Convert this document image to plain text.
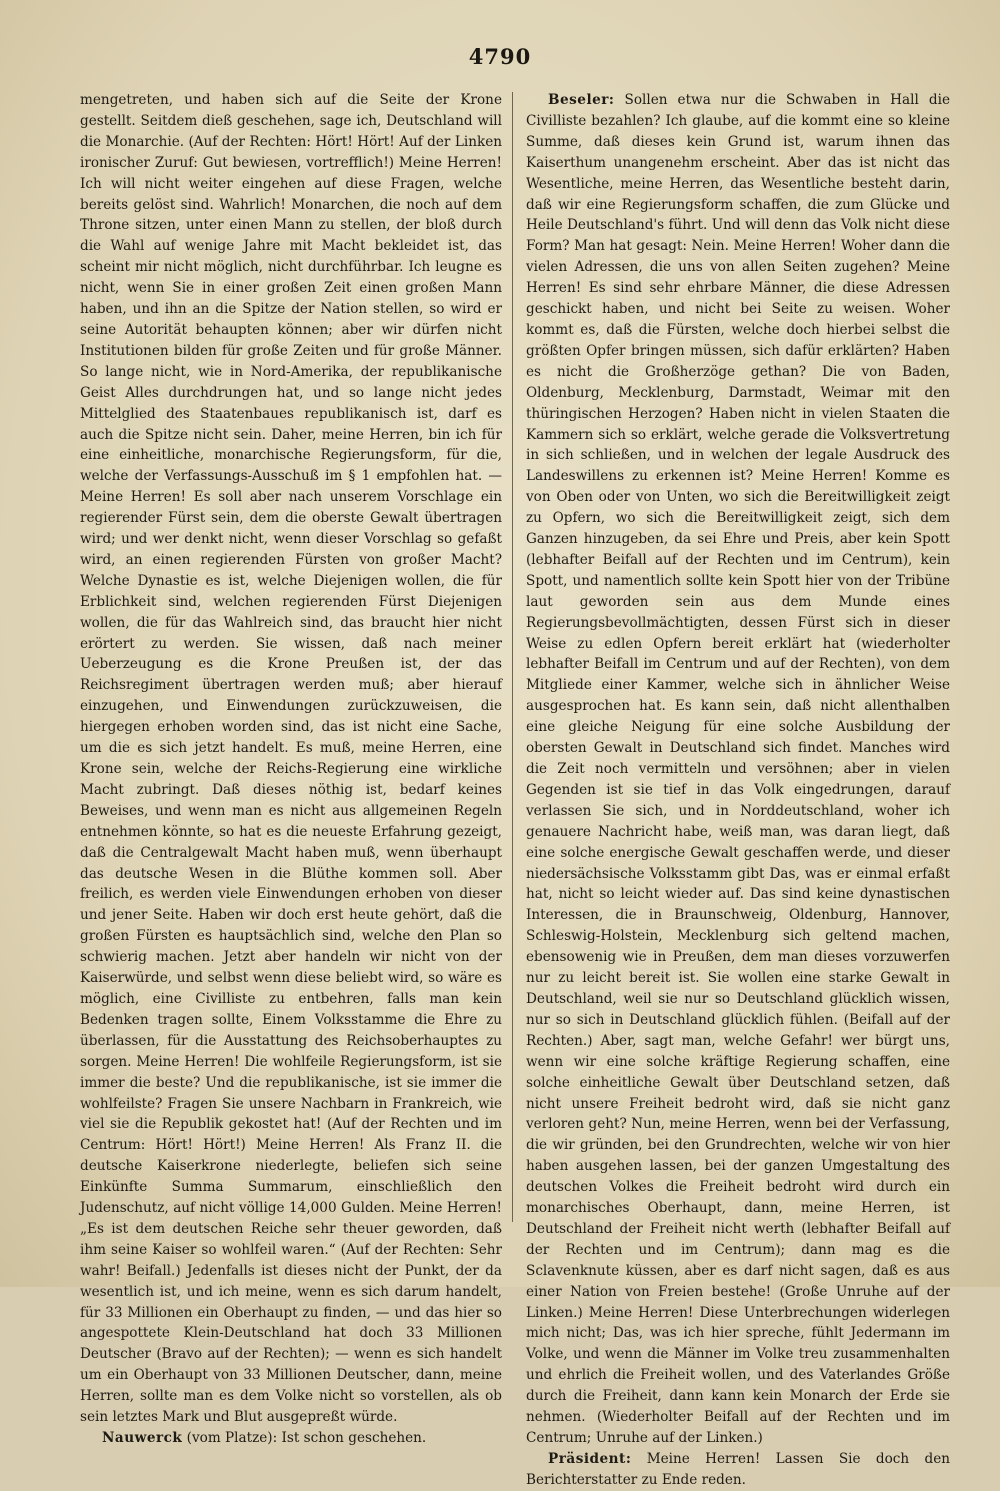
4790

mengetreten, und haben sich auf die Seite der Krone gestellt. Seitdem dieß geschehen, sage ich, Deutschland will die Monarchie. (Auf der Rechten: Hört! Hört! Auf der Linken ironischer Zuruf: Gut bewiesen, vortrefflich!) Meine Herren! Ich will nicht weiter eingehen auf diese Fragen, welche bereits gelöst sind. Wahrlich! Monarchen, die noch auf dem Throne sitzen, unter einen Mann zu stellen, der bloß durch die Wahl auf wenige Jahre mit Macht bekleidet ist, das scheint mir nicht möglich, nicht durchführbar. Ich leugne es nicht, wenn Sie in einer großen Zeit einen großen Mann haben, und ihn an die Spitze der Nation stellen, so wird er seine Autorität behaupten können; aber wir dürfen nicht Institutionen bilden für große Zeiten und für große Männer. So lange nicht, wie in Nord-Amerika, der republikanische Geist Alles durchdrungen hat, und so lange nicht jedes Mittelglied des Staatenbaues republikanisch ist, darf es auch die Spitze nicht sein. Daher, meine Herren, bin ich für eine einheitliche, monarchische Regierungsform, für die, welche der Verfassungs-Ausschuß im § 1 empfohlen hat. — Meine Herren! Es soll aber nach unserem Vorschlage ein regierender Fürst sein, dem die oberste Gewalt übertragen wird; und wer denkt nicht, wenn dieser Vorschlag so gefaßt wird, an einen regierenden Fürsten von großer Macht? Welche Dynastie es ist, welche Diejenigen wollen, die für Erblichkeit sind, welchen regierenden Fürst Diejenigen wollen, die für das Wahlreich sind, das braucht hier nicht erörtert zu werden. Sie wissen, daß nach meiner Ueberzeugung es die Krone Preußen ist, der das Reichsregiment übertragen werden muß; aber hierauf einzugehen, und Einwendungen zurückzuweisen, die hiergegen erhoben worden sind, das ist nicht eine Sache, um die es sich jetzt handelt. Es muß, meine Herren, eine Krone sein, welche der Reichs-Regierung eine wirkliche Macht zubringt. Daß dieses nöthig ist, bedarf keines Beweises, und wenn man es nicht aus allgemeinen Regeln entnehmen könnte, so hat es die neueste Erfahrung gezeigt, daß die Centralgewalt Macht haben muß, wenn überhaupt das deutsche Wesen in die Blüthe kommen soll. Aber freilich, es werden viele Einwendungen erhoben von dieser und jener Seite. Haben wir doch erst heute gehört, daß die großen Fürsten es hauptsächlich sind, welche den Plan so schwierig machen. Jetzt aber handeln wir nicht von der Kaiserwürde, und selbst wenn diese beliebt wird, so wäre es möglich, eine Civilliste zu entbehren, falls man kein Bedenken tragen sollte, Einem Volksstamme die Ehre zu überlassen, für die Ausstattung des Reichsoberhauptes zu sorgen. Meine Herren! Die wohlfeile Regierungsform, ist sie immer die beste? Und die republikanische, ist sie immer die wohlfeilste? Fragen Sie unsere Nachbarn in Frankreich, wie viel sie die Republik gekostet hat! (Auf der Rechten und im Centrum: Hört! Hört!) Meine Herren! Als Franz II. die deutsche Kaiserkrone niederlegte, beliefen sich seine Einkünfte Summa Summarum, einschließlich den Judenschutz, auf nicht völlige 14,000 Gulden. Meine Herren! „Es ist dem deutschen Reiche sehr theuer geworden, daß ihm seine Kaiser so wohlfeil waren.“ (Auf der Rechten: Sehr wahr! Beifall.) Jedenfalls ist dieses nicht der Punkt, der da wesentlich ist, und ich meine, wenn es sich darum handelt, für 33 Millionen ein Oberhaupt zu finden, — und das hier so angespottete Klein-Deutschland hat doch 33 Millionen Deutscher (Bravo auf der Rechten); — wenn es sich handelt um ein Oberhaupt von 33 Millionen Deutscher, dann, meine Herren, sollte man es dem Volke nicht so vorstellen, als ob sein letztes Mark und Blut ausgepreßt würde.

Nauwerck (vom Platze): Ist schon geschehen.

Beseler: Sollen etwa nur die Schwaben in Hall die Civilliste bezahlen? Ich glaube, auf die kommt eine so kleine Summe, daß dieses kein Grund ist, warum ihnen das Kaiserthum unangenehm erscheint. Aber das ist nicht das Wesentliche, meine Herren, das Wesentliche besteht darin, daß wir eine Regierungsform schaffen, die zum Glücke und Heile Deutschland's führt. Und will denn das Volk nicht diese Form? Man hat gesagt: Nein. Meine Herren! Woher dann die vielen Adressen, die uns von allen Seiten zugehen? Meine Herren! Es sind sehr ehrbare Männer, die diese Adressen geschickt haben, und nicht bei Seite zu weisen. Woher kommt es, daß die Fürsten, welche doch hierbei selbst die größten Opfer bringen müssen, sich dafür erklärten? Haben es nicht die Großherzöge gethan? Die von Baden, Oldenburg, Mecklenburg, Darmstadt, Weimar mit den thüringischen Herzogen? Haben nicht in vielen Staaten die Kammern sich so erklärt, welche gerade die Volksvertretung in sich schließen, und in welchen der legale Ausdruck des Landeswillens zu erkennen ist? Meine Herren! Komme es von Oben oder von Unten, wo sich die Bereitwilligkeit zeigt zu Opfern, wo sich die Bereitwilligkeit zeigt, sich dem Ganzen hinzugeben, da sei Ehre und Preis, aber kein Spott (lebhafter Beifall auf der Rechten und im Centrum), kein Spott, und namentlich sollte kein Spott hier von der Tribüne laut geworden sein aus dem Munde eines Regierungsbevollmächtigten, dessen Fürst sich in dieser Weise zu edlen Opfern bereit erklärt hat (wiederholter lebhafter Beifall im Centrum und auf der Rechten), von dem Mitgliede einer Kammer, welche sich in ähnlicher Weise ausgesprochen hat. Es kann sein, daß nicht allenthalben eine gleiche Neigung für eine solche Ausbildung der obersten Gewalt in Deutschland sich findet. Manches wird die Zeit noch vermitteln und versöhnen; aber in vielen Gegenden ist sie tief in das Volk eingedrungen, darauf verlassen Sie sich, und in Norddeutschland, woher ich genauere Nachricht habe, weiß man, was daran liegt, daß eine solche energische Gewalt geschaffen werde, und dieser niedersächsische Volksstamm gibt Das, was er einmal erfaßt hat, nicht so leicht wieder auf. Das sind keine dynastischen Interessen, die in Braunschweig, Oldenburg, Hannover, Schleswig-Holstein, Mecklenburg sich geltend machen, ebensowenig wie in Preußen, dem man dieses vorzuwerfen nur zu leicht bereit ist. Sie wollen eine starke Gewalt in Deutschland, weil sie nur so Deutschland glücklich wissen, nur so sich in Deutschland glücklich fühlen. (Beifall auf der Rechten.) Aber, sagt man, welche Gefahr! wer bürgt uns, wenn wir eine solche kräftige Regierung schaffen, eine solche einheitliche Gewalt über Deutschland setzen, daß nicht unsere Freiheit bedroht wird, daß sie nicht ganz verloren geht? Nun, meine Herren, wenn bei der Verfassung, die wir gründen, bei den Grundrechten, welche wir von hier haben ausgehen lassen, bei der ganzen Umgestaltung des deutschen Volkes die Freiheit bedroht wird durch ein monarchisches Oberhaupt, dann, meine Herren, ist Deutschland der Freiheit nicht werth (lebhafter Beifall auf der Rechten und im Centrum); dann mag es die Sclavenknute küssen, aber es darf nicht sagen, daß es aus einer Nation von Freien bestehe! (Große Unruhe auf der Linken.) Meine Herren! Diese Unterbrechungen widerlegen mich nicht; Das, was ich hier spreche, fühlt Jedermann im Volke, und wenn die Männer im Volke treu zusammenhalten und ehrlich die Freiheit wollen, und des Vaterlandes Größe durch die Freiheit, dann kann kein Monarch der Erde sie nehmen. (Wiederholter Beifall auf der Rechten und im Centrum; Unruhe auf der Linken.)

Präsident: Meine Herren! Lassen Sie doch den Berichterstatter zu Ende reden.
